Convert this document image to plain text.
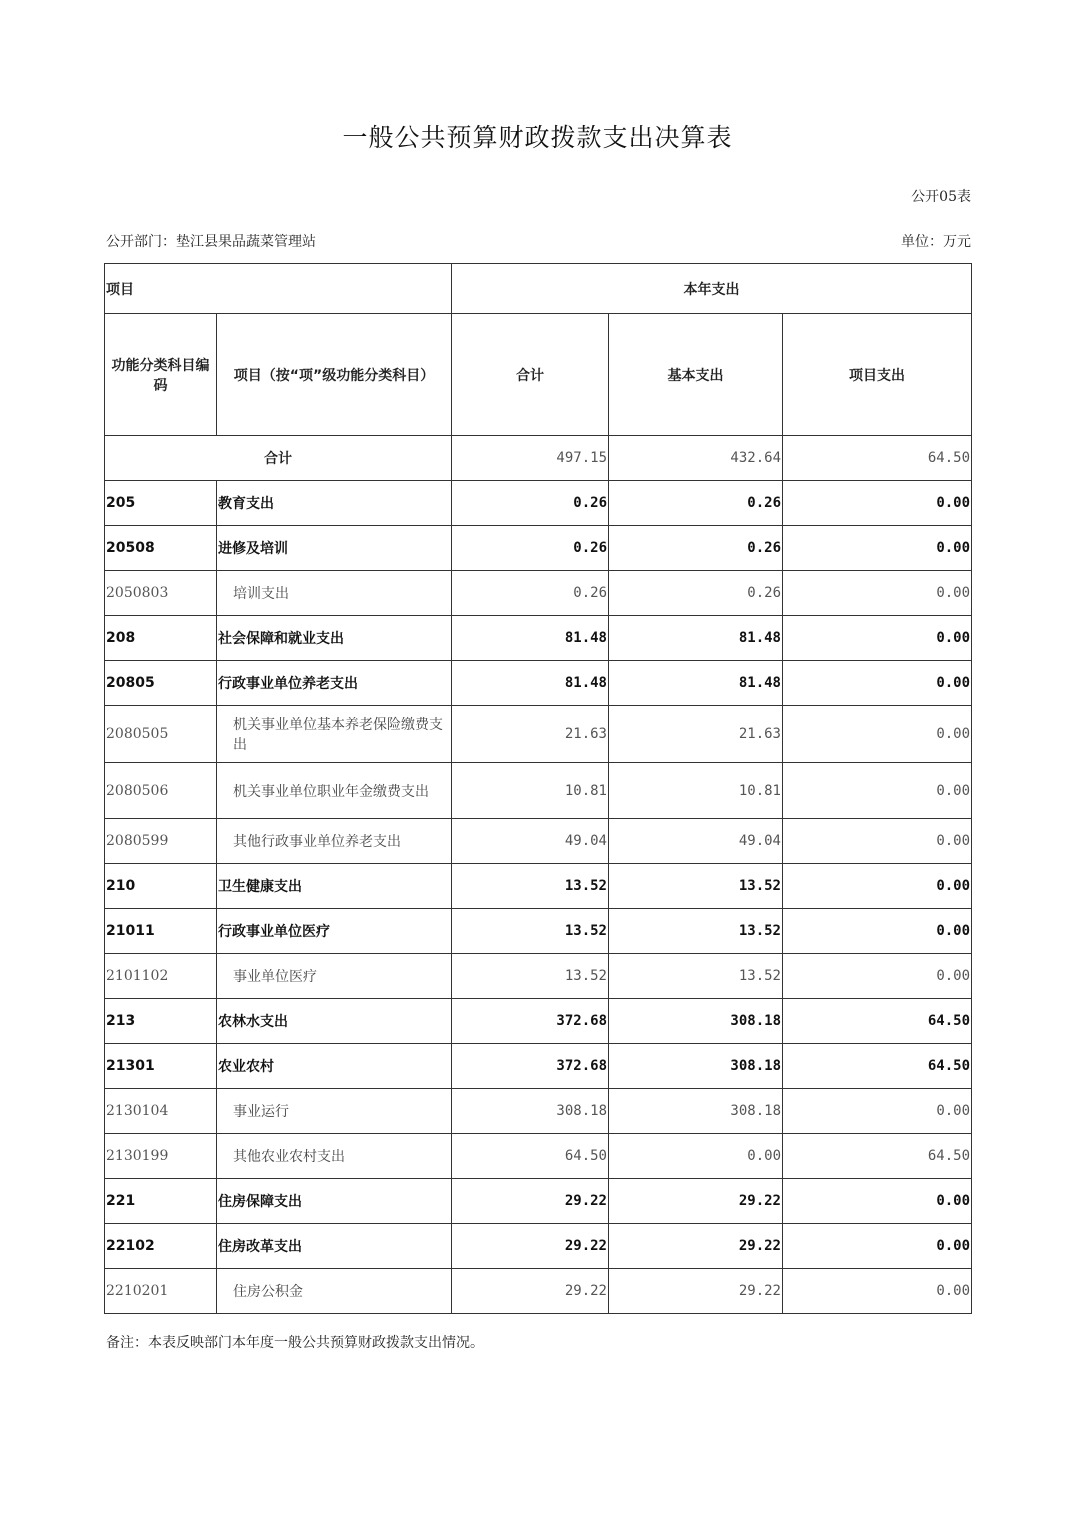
一般公共预算财政拨款支出决算表
公开05表
公开部门：垫江县果品蔬菜管理站	单位：万元
项目		本年支出		
功能分类科目编码	项目（按“项”级功能分类科目）	合计	基本支出	项目支出
合计		497.15	432.64	64.50
205	教育支出	0.26	0.26	0.00
20508	进修及培训	0.26	0.26	0.00
2050803	培训支出	0.26	0.26	0.00
208	社会保障和就业支出	81.48	81.48	0.00
20805	行政事业单位养老支出	81.48	81.48	0.00
2080505	机关事业单位基本养老保险缴费支出	21.63	21.63	0.00
2080506	机关事业单位职业年金缴费支出	10.81	10.81	0.00
2080599	其他行政事业单位养老支出	49.04	49.04	0.00
210	卫生健康支出	13.52	13.52	0.00
21011	行政事业单位医疗	13.52	13.52	0.00
2101102	事业单位医疗	13.52	13.52	0.00
213	农林水支出	372.68	308.18	64.50
21301	农业农村	372.68	308.18	64.50
2130104	事业运行	308.18	308.18	0.00
2130199	其他农业农村支出	64.50	0.00	64.50
221	住房保障支出	29.22	29.22	0.00
22102	住房改革支出	29.22	29.22	0.00
2210201	住房公积金	29.22	29.22	0.00
备注：本表反映部门本年度一般公共预算财政拨款支出情况。
